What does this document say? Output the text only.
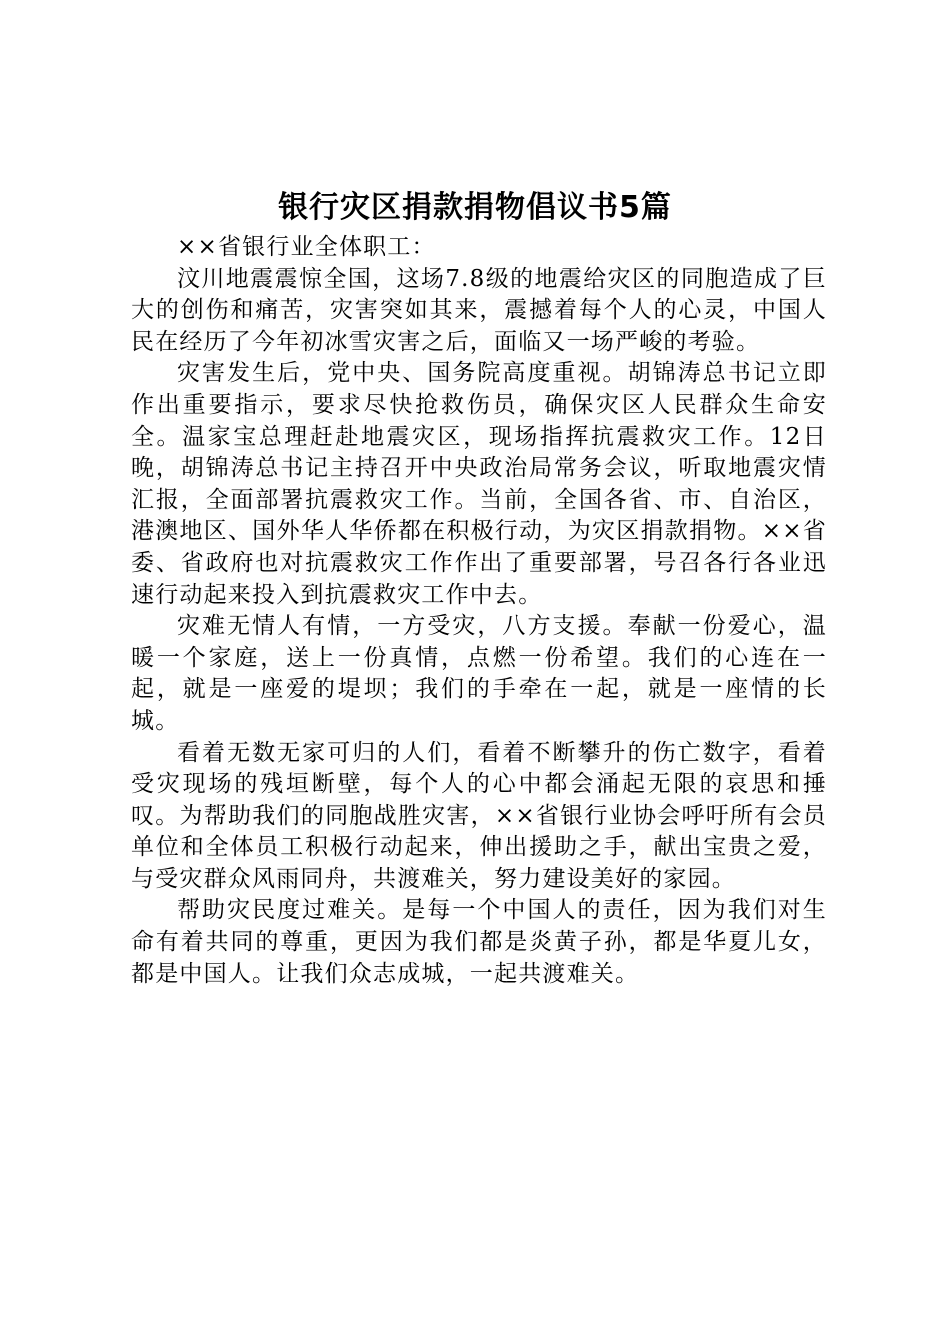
银行灾区捐款捐物倡议书5篇

××省银行业全体职工：

汶川地震震惊全国，这场7.8级的地震给灾区的同胞造成了巨大的创伤和痛苦，灾害突如其来，震撼着每个人的心灵，中国人民在经历了今年初冰雪灾害之后，面临又一场严峻的考验。

灾害发生后，党中央、国务院高度重视。胡锦涛总书记立即作出重要指示，要求尽快抢救伤员，确保灾区人民群众生命安全。温家宝总理赶赴地震灾区，现场指挥抗震救灾工作。12日晚，胡锦涛总书记主持召开中央政治局常务会议，听取地震灾情汇报，全面部署抗震救灾工作。当前，全国各省、市、自治区，港澳地区、国外华人华侨都在积极行动，为灾区捐款捐物。××省委、省政府也对抗震救灾工作作出了重要部署，号召各行各业迅速行动起来投入到抗震救灾工作中去。

灾难无情人有情，一方受灾，八方支援。奉献一份爱心，温暖一个家庭，送上一份真情，点燃一份希望。我们的心连在一起，就是一座爱的堤坝；我们的手牵在一起，就是一座情的长城。

看着无数无家可归的人们，看着不断攀升的伤亡数字，看着受灾现场的残垣断壁，每个人的心中都会涌起无限的哀思和捶叹。为帮助我们的同胞战胜灾害，××省银行业协会呼吁所有会员单位和全体员工积极行动起来，伸出援助之手，献出宝贵之爱，与受灾群众风雨同舟，共渡难关，努力建设美好的家园。

帮助灾民度过难关。是每一个中国人的责任，因为我们对生命有着共同的尊重，更因为我们都是炎黄子孙，都是华夏儿女，都是中国人。让我们众志成城，一起共渡难关。
